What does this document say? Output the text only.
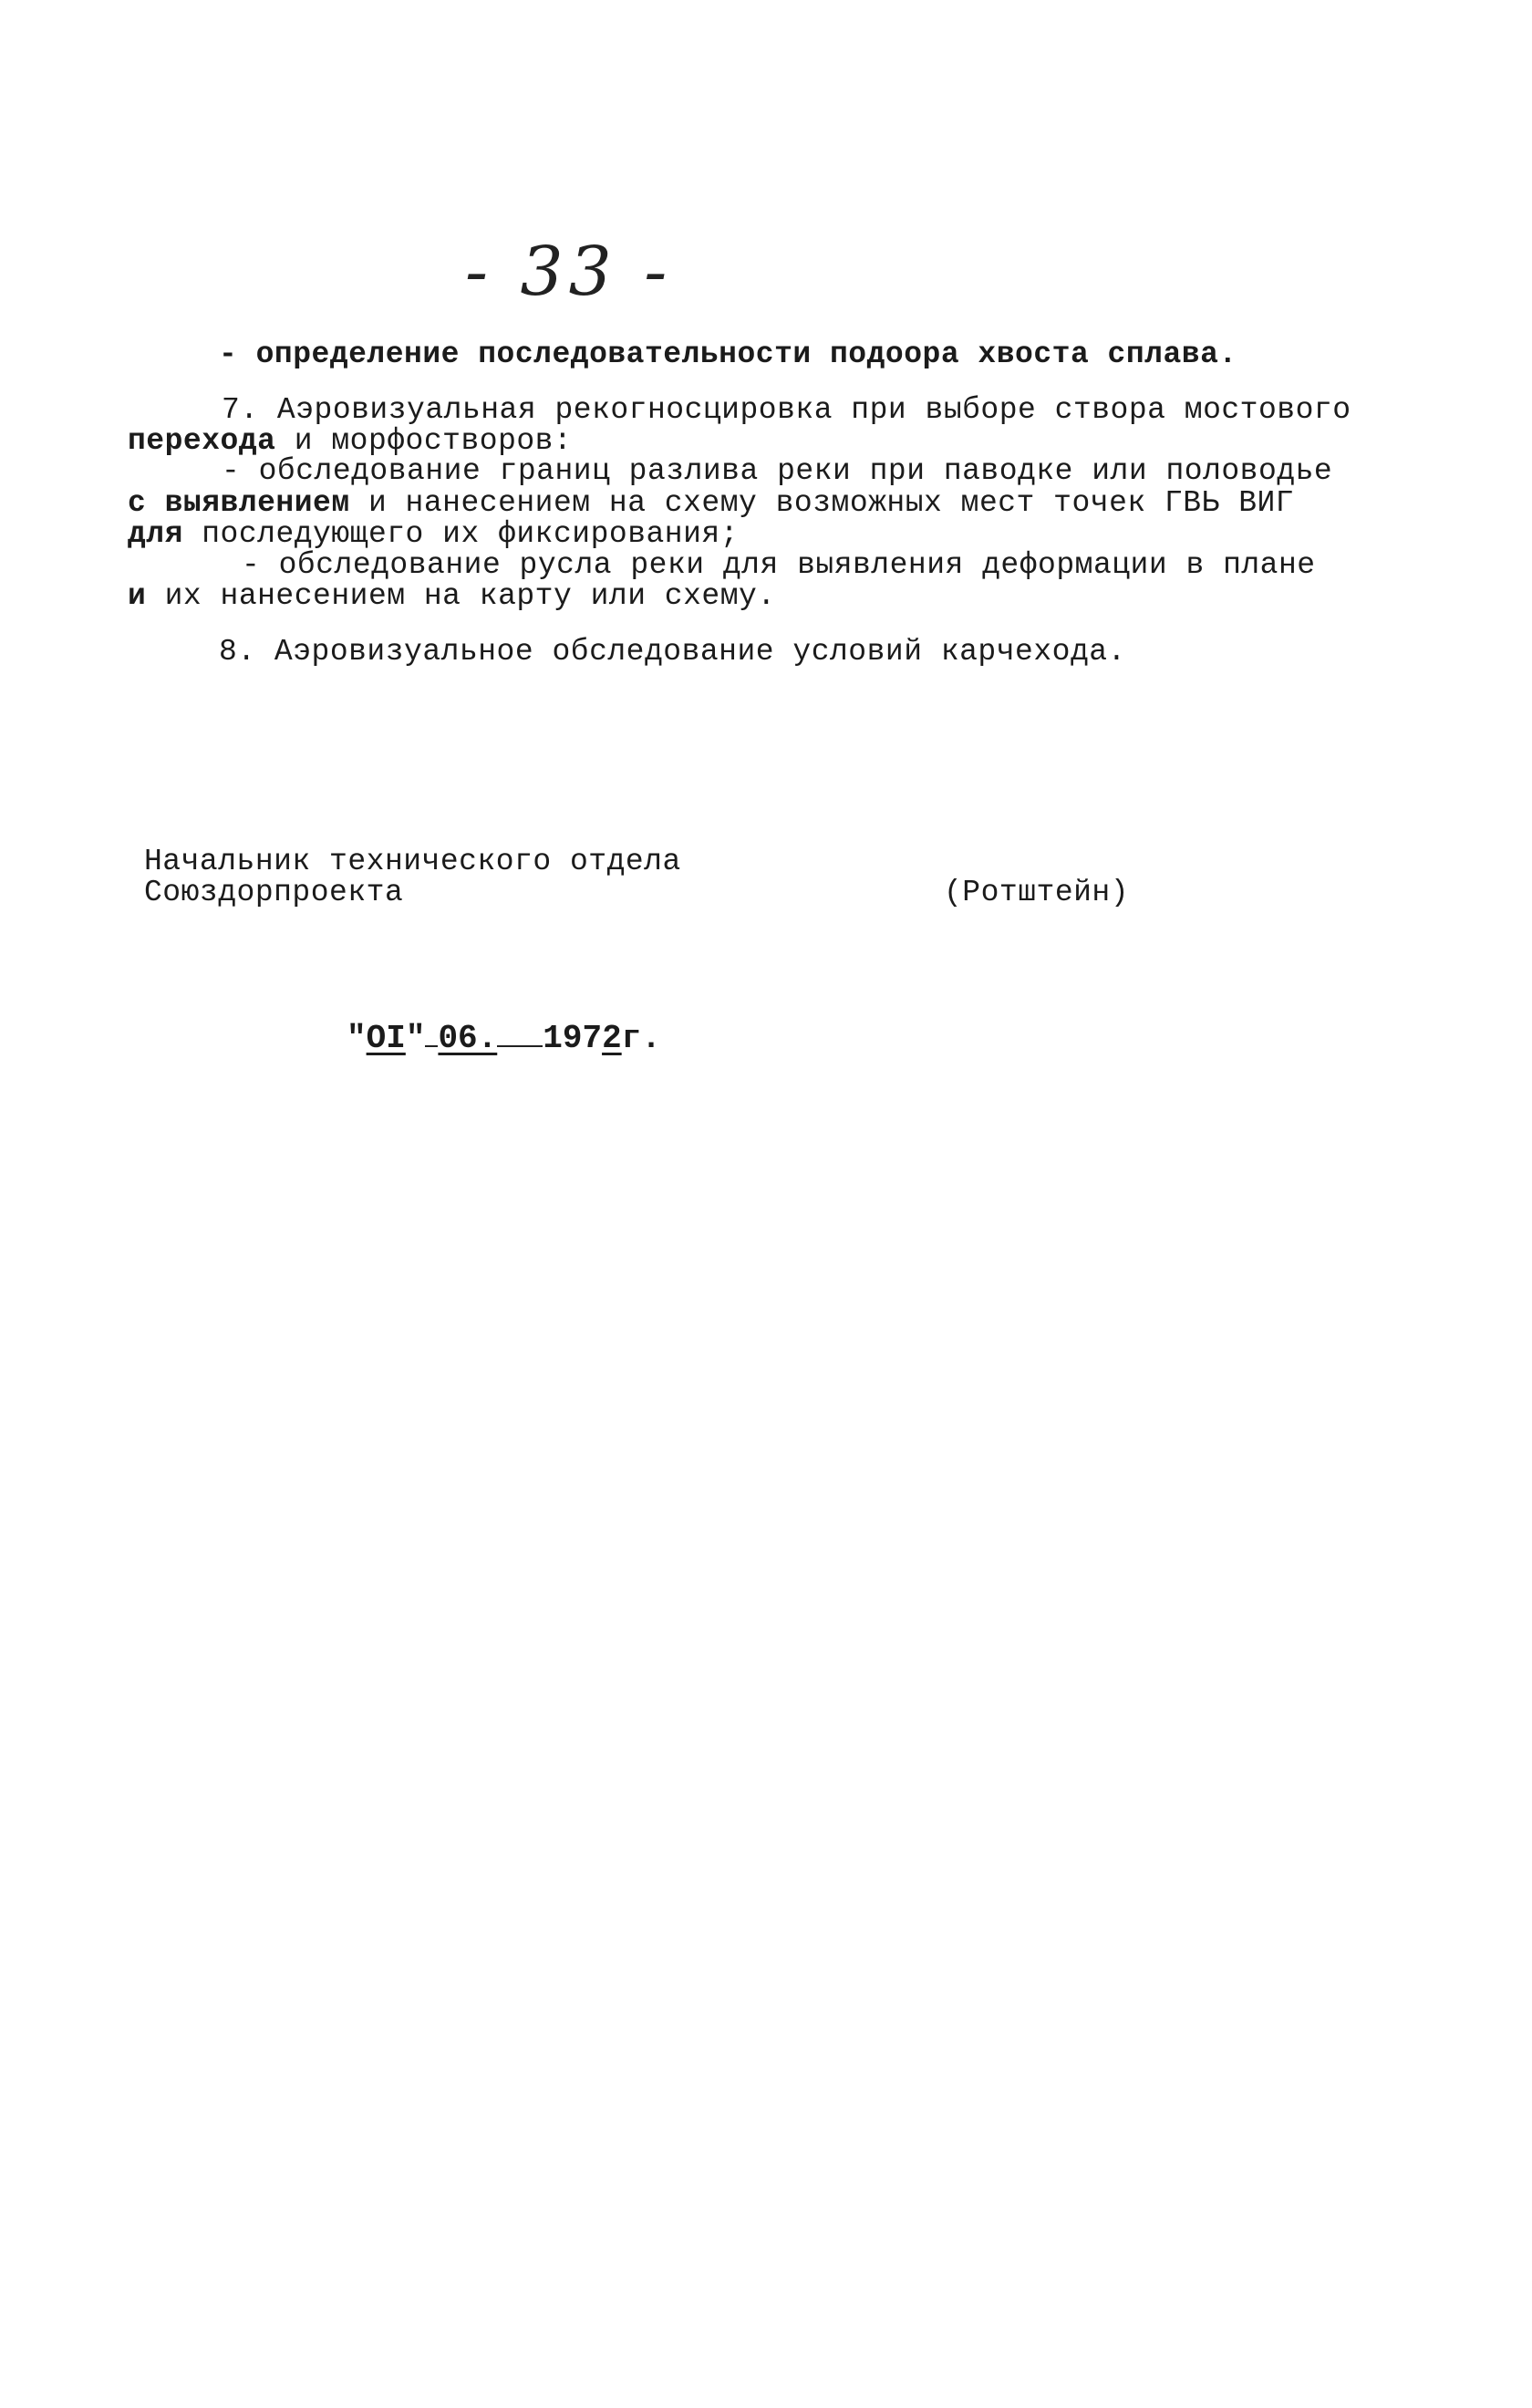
- 33 -
- определение последовательности подоора хвоста сплава.
7. Аэровизуальная рекогносцировка при выборе створа мостового
перехода и морфостворов:
- обследование границ разлива реки при паводке или половодье
с выявлением и нанесением на схему возможных мест точек ГВЬ ВИГ
для последующего их фиксирования;
- обследование русла реки для выявления деформации в плане
и их нанесением на карту или схему.
8. Аэровизуальное обследование условий карчехода.
Начальник технического отдела
Союздорпроекта	(Ротштейн)
"OI" 06. 1972г.
